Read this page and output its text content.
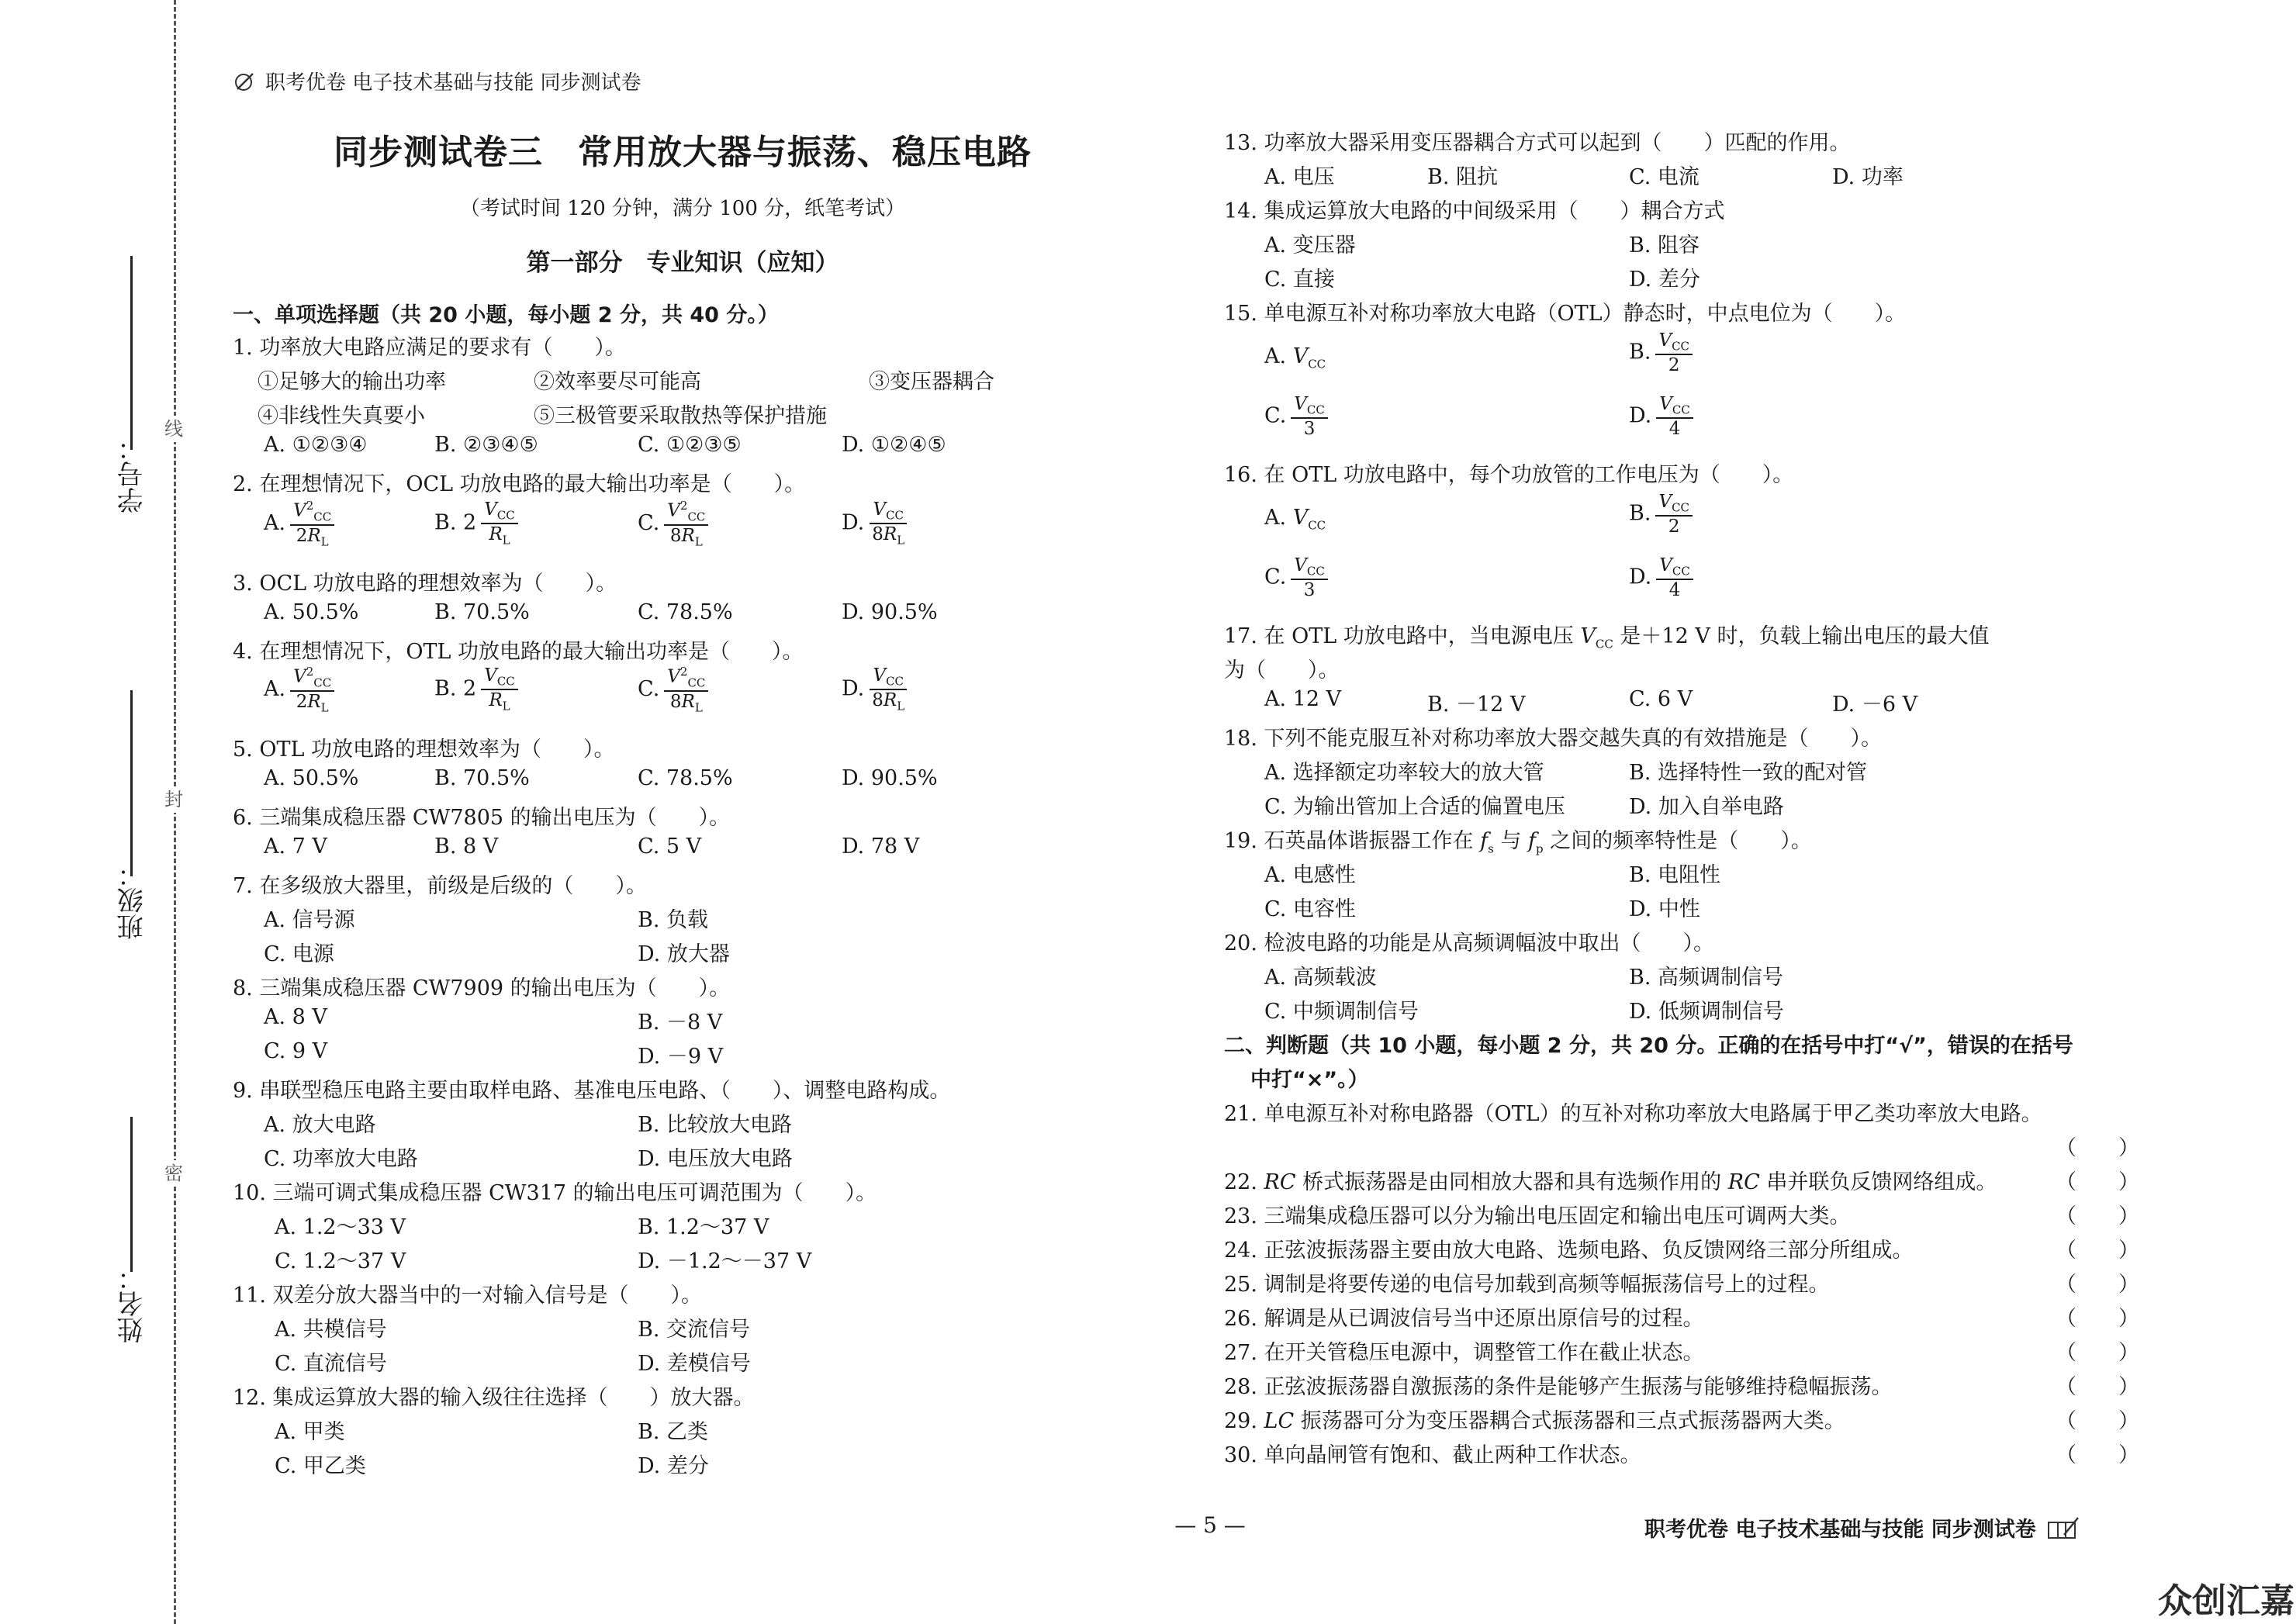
学号：
班级：
姓名：
线
封
密
职考优卷 电子技术基础与技能 同步测试卷
同步测试卷三　常用放大器与振荡、稳压电路
（考试时间 120 分钟，满分 100 分，纸笔考试）
第一部分　专业知识（应知）
一、单项选择题（共 20 小题，每小题 2 分，共 40 分。）
1. 功率放大电路应满足的要求有（　　）。
①足够大的输出功率	②效率要尽可能高	③变压器耦合
④非线性失真要小	⑤三极管要采取散热等保护措施
A. ①②③④	B. ②③④⑤	C. ①②③⑤	D. ①②④⑤
2. 在理想情况下，OCL 功放电路的最大输出功率是（　　）。
A. $\frac{V^2_{CC}}{2R_L}$	B. $2 \frac{V_{CC}}{R_L}$	C. $\frac{V^2_{CC}}{8R_L}$	D. $\frac{V_{CC}}{8R_L}$
3. OCL 功放电路的理想效率为（　　）。
A. 50.5%	B. 70.5%	C. 78.5%	D. 90.5%
4. 在理想情况下，OTL 功放电路的最大输出功率是（　　）。
A. $\frac{V^2_{CC}}{2R_L}$	B. $2 \frac{V_{CC}}{R_L}$	C. $\frac{V^2_{CC}}{8R_L}$	D. $\frac{V_{CC}}{8R_L}$
5. OTL 功放电路的理想效率为（　　）。
A. 50.5%	B. 70.5%	C. 78.5%	D. 90.5%
6. 三端集成稳压器 CW7805 的输出电压为（　　）。
A. 7 V	B. 8 V	C. 5 V	D. 78 V
7. 在多级放大器里，前级是后级的（　　）。
A. 信号源	B. 负载
C. 电源	D. 放大器
8. 三端集成稳压器 CW7909 的输出电压为（　　）。
A. 8 V	B. －8 V
C. 9 V	D. －9 V
9. 串联型稳压电路主要由取样电路、基准电压电路、（　　）、调整电路构成。
A. 放大电路	B. 比较放大电路
C. 功率放大电路	D. 电压放大电路
10. 三端可调式集成稳压器 CW317 的输出电压可调范围为（　　）。
A. 1.2～33 V	B. 1.2～37 V
C. 1.2～37 V	D. －1.2～－37 V
11. 双差分放大器当中的一对输入信号是（　　）。
A. 共模信号	B. 交流信号
C. 直流信号	D. 差模信号
12. 集成运算放大器的输入级往往选择（　　）放大器。
A. 甲类	B. 乙类
C. 甲乙类	D. 差分
13. 功率放大器采用变压器耦合方式可以起到（　　）匹配的作用。
A. 电压	B. 阻抗	C. 电流	D. 功率
14. 集成运算放大电路的中间级采用（　　）耦合方式
A. 变压器	B. 阻容
C. 直接	D. 差分
15. 单电源互补对称功率放大电路（OTL）静态时，中点电位为（　　）。
A. $V_{CC}$	B. $\frac{V_{CC}}{2}$
C. $\frac{V_{CC}}{3}$	D. $\frac{V_{CC}}{4}$
16. 在 OTL 功放电路中，每个功放管的工作电压为（　　）。
A. $V_{CC}$	B. $\frac{V_{CC}}{2}$
C. $\frac{V_{CC}}{3}$	D. $\frac{V_{CC}}{4}$
17. 在 OTL 功放电路中，当电源电压 $V_{CC}$ 是＋12 V 时，负载上输出电压的最大值
为（　　）。
A. 12 V	B. －12 V	C. 6 V	D. －6 V
18. 下列不能克服互补对称功率放大器交越失真的有效措施是（　　）。
A. 选择额定功率较大的放大管	B. 选择特性一致的配对管
C. 为输出管加上合适的偏置电压	D. 加入自举电路
19. 石英晶体谐振器工作在 $f_s$ 与 $f_p$ 之间的频率特性是（　　）。
A. 电感性	B. 电阻性
C. 电容性	D. 中性
20. 检波电路的功能是从高频调幅波中取出（　　）。
A. 高频载波	B. 高频调制信号
C. 中频调制信号	D. 低频调制信号
二、判断题（共 10 小题，每小题 2 分，共 20 分。正确的在括号中打“√”，错误的在括号
中打“×”。）
21. 单电源互补对称电路器（OTL）的互补对称功率放大电路属于甲乙类功率放大电路。
（　　）
22. RC 桥式振荡器是由同相放大器和具有选频作用的 RC 串并联负反馈网络组成。	（　　）
23. 三端集成稳压器可以分为输出电压固定和输出电压可调两大类。	（　　）
24. 正弦波振荡器主要由放大电路、选频电路、负反馈网络三部分所组成。	（　　）
25. 调制是将要传递的电信号加载到高频等幅振荡信号上的过程。	（　　）
26. 解调是从已调波信号当中还原出原信号的过程。	（　　）
27. 在开关管稳压电源中，调整管工作在截止状态。	（　　）
28. 正弦波振荡器自激振荡的条件是能够产生振荡与能够维持稳幅振荡。	（　　）
29. LC 振荡器可分为变压器耦合式振荡器和三点式振荡器两大类。	（　　）
30. 单向晶闸管有饱和、截止两种工作状态。	（　　）
— 5 —	职考优卷 电子技术基础与技能 同步测试卷
众创汇嘉
